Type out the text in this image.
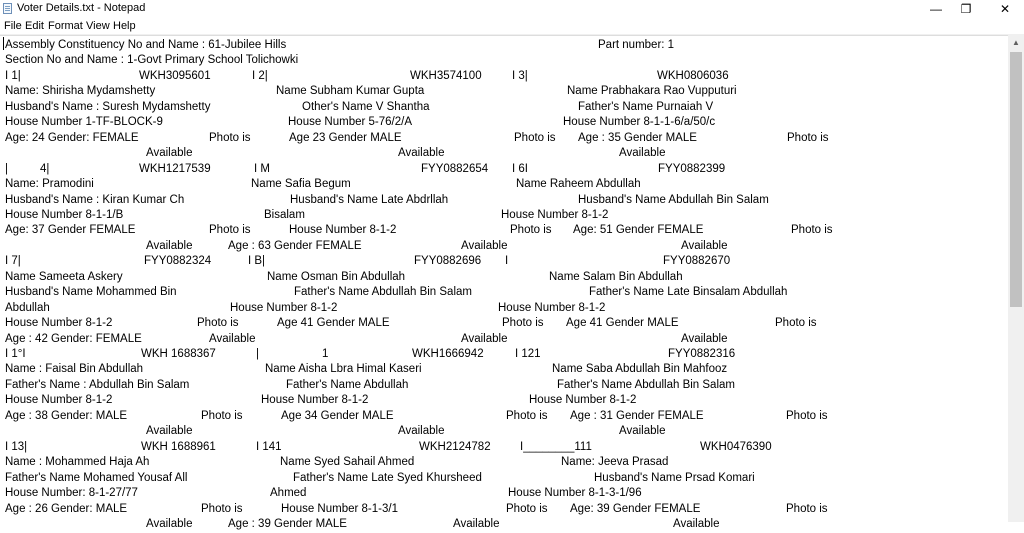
Voter Details.txt - Notepad	—	❐	✕
File Edit Format View Help
Assembly Constituency No and Name : 61-Jubilee Hills	Part number: 1
Section No and Name : 1-Govt Primary School Tolichowki
I 1|	WKH3095601	I 2|	WKH3574100	I 3|	WKH0806036
Name: Shirisha Mydamshetty	Name Subham Kumar Gupta	Name Prabhakara Rao Vupputuri
Husband's Name : Suresh Mydamshetty	Other's Name V Shantha	Father's Name Purnaiah V
House Number 1-TF-BLOCK-9	House Number 5-76/2/A	House Number 8-1-1-6/a/50/c
Age: 24 Gender: FEMALE	Photo is	Age 23 Gender MALE	Photo is Age : 35 Gender MALE	Photo is
Available	Available	Available
|	4|	WKH1217539	I M	FYY0882654 I 6I	FYY0882399
Name: Pramodini	Name Safia Begum	Name Raheem Abdullah
Husband's Name : Kiran Kumar Ch	Husband's Name Late Abdrllah	Husband's Name Abdullah Bin Salam
House Number 8-1-1/B	Bisalam	House Number 8-1-2
Age: 37 Gender FEMALE	Photo is	House Number 8-1-2	Photo is Age: 51 Gender FEMALE	Photo is
Available	Age : 63 Gender FEMALE	Available	Available
I 7|	FYY0882324	I B|	FYY0882696 I	FYY0882670
Name Sameeta Askery	Name Osman Bin Abdullah	Name Salam Bin Abdullah
Husband's Name Mohammed Bin	Father's Name Abdullah Bin Salam	Father's Name Late Binsalam Abdullah
Abdullah	House Number 8-1-2	House Number 8-1-2
House Number 8-1-2	Photo is	Age 41 Gender MALE	Photo is Age 41 Gender MALE	Photo is
Age : 42 Gender: FEMALE	Available	Available	Available
I 1°I	WKH 1688367	|	1	WKH1666942	I 121	FYY0882316
Name : Faisal Bin Abdullah	Name Aisha Lbra Himal Kaseri	Name Saba Abdullah Bin Mahfooz
Father's Name : Abdullah Bin Salam	Father's Name Abdullah	Father's Name Abdullah Bin Salam
House Number 8-1-2	House Number 8-1-2	House Number 8-1-2
Age : 38 Gender: MALE	Photo is	Age 34 Gender MALE	Photo is Age : 31 Gender FEMALE	Photo is
Available	Available	Available
I 13|	WKH 1688961	I 141	WKH2124782	I________111	WKH0476390
Name : Mohammed Haja Ah	Name Syed Sahail Ahmed	Name: Jeeva Prasad
Father's Name Mohamed Yousaf All	Father's Name Late Syed Khursheed	Husband's Name Prsad Komari
House Number: 8-1-27/77	Ahmed	House Number 8-1-3-1/96
Age : 26 Gender: MALE	Photo is	House Number 8-1-3/1	Photo is Age: 39 Gender FEMALE	Photo is
Available	Age : 39 Gender MALE	Available	Available
▲
